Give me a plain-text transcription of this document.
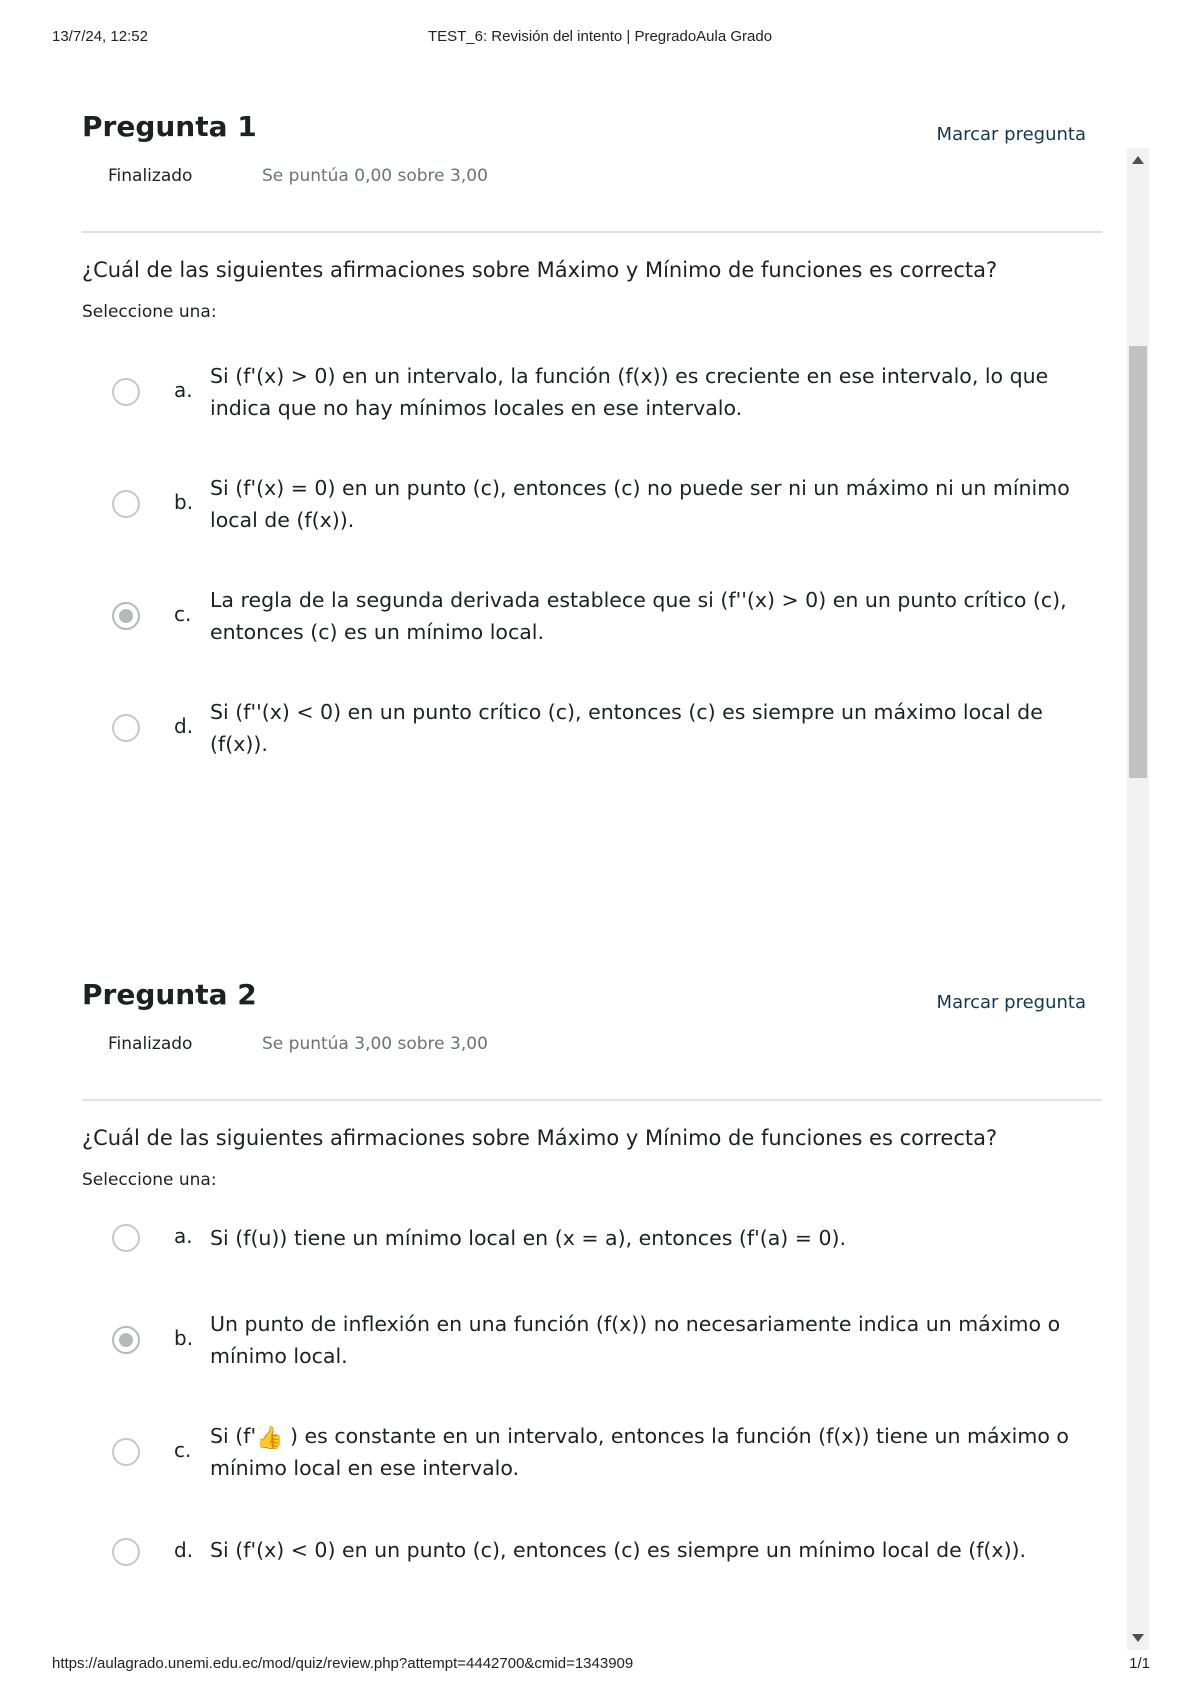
13/7/24, 12:52	TEST_6: Revisión del intento | PregradoAula Grado
Pregunta 1	Marcar pregunta
Finalizado	Se puntúa 0,00 sobre 3,00
¿Cuál de las siguientes afirmaciones sobre Máximo y Mínimo de funciones es correcta?
Seleccione una:
a.
Si (f'(x) > 0) en un intervalo, la función (f(x)) es creciente en ese intervalo, lo que indica que no hay mínimos locales en ese intervalo.
b.
Si (f'(x) = 0) en un punto (c), entonces (c) no puede ser ni un máximo ni un mínimo local de (f(x)).
c.
La regla de la segunda derivada establece que si (f''(x) > 0) en un punto crítico (c), entonces (c) es un mínimo local.
d.
Si (f''(x) < 0) en un punto crítico (c), entonces (c) es siempre un máximo local de (f(x)).
Pregunta 2	Marcar pregunta
Finalizado	Se puntúa 3,00 sobre 3,00
¿Cuál de las siguientes afirmaciones sobre Máximo y Mínimo de funciones es correcta?
Seleccione una:
a. Si (f(u)) tiene un mínimo local en (x = a), entonces (f'(a) = 0).
b.
Un punto de inflexión en una función (f(x)) no necesariamente indica un máximo o mínimo local.
c.
Si (f'👍 ) es constante en un intervalo, entonces la función (f(x)) tiene un máximo o mínimo local en ese intervalo.
d. Si (f'(x) < 0) en un punto (c), entonces (c) es siempre un mínimo local de (f(x)).
https://aulagrado.unemi.edu.ec/mod/quiz/review.php?attempt=4442700&cmid=1343909	1/1
